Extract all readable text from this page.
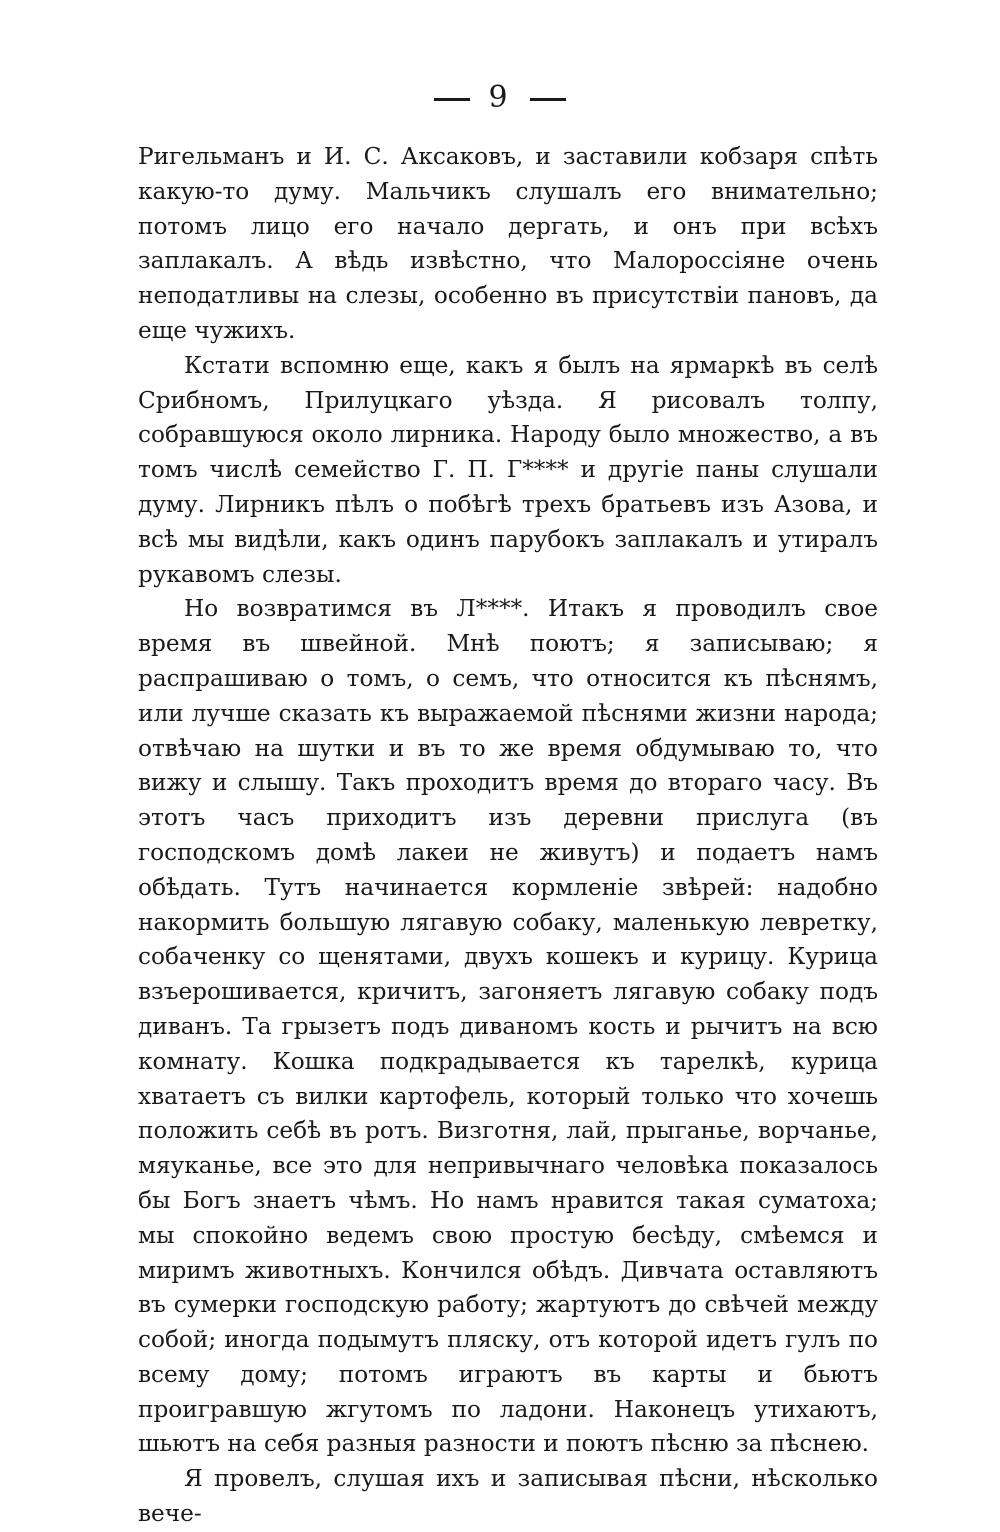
9

Ригельманъ и И. С. Аксаковъ, и заставили кобзаря спѣть какую-то думу. Мальчикъ слушалъ его внимательно; потомъ лицо его начало дергать, и онъ при всѣхъ заплакалъ. А вѣдь извѣстно, что Малороссіяне очень неподатливы на слезы, особенно въ присутствіи пановъ, да еще чужихъ.

Кстати вспомню еще, какъ я былъ на ярмаркѣ въ селѣ Срибномъ, Прилуцкаго уѣзда. Я рисовалъ толпу, собравшуюся около лирника. Народу было множество, а въ томъ числѣ семейство Г. П. Г**** и другіе паны слушали думу. Лирникъ пѣлъ о побѣгѣ трехъ братьевъ изъ Азова, и всѣ мы видѣли, какъ одинъ парубокъ заплакалъ и утиралъ рукавомъ слезы.

Но возвратимся въ Л****. Итакъ я проводилъ свое время въ швейной. Мнѣ поютъ; я записываю; я распрашиваю о томъ, о семъ, что относится къ пѣснямъ, или лучше сказать къ выражаемой пѣснями жизни народа; отвѣчаю на шутки и въ то же время обдумываю то, что вижу и слышу. Такъ проходитъ время до втораго часу. Въ этотъ часъ приходитъ изъ деревни прислуга (въ господскомъ домѣ лакеи не живутъ) и подаетъ намъ обѣдать. Тутъ начинается кормленіе звѣрей: надобно накормить большую лягавую собаку, маленькую левретку, собаченку со щенятами, двухъ кошекъ и курицу. Курица взъерошивается, кричитъ, загоняетъ лягавую собаку подъ диванъ. Та грызетъ подъ диваномъ кость и рычитъ на всю комнату. Кошка подкрадывается къ тарелкѣ, курица хватаетъ съ вилки картофель, который только что хочешь положить себѣ въ ротъ. Визготня, лай, прыганье, ворчанье, мяуканье, все это для непривычнаго человѣка показалось бы Богъ знаетъ чѣмъ. Но намъ нравится такая суматоха; мы спокойно ведемъ свою простую бесѣду, смѣемся и миримъ животныхъ. Кончился обѣдъ. Дивчата оставляютъ въ сумерки господскую работу; жартуютъ до свѣчей между собой; иногда подымутъ пляску, отъ которой идетъ гулъ по всему дому; потомъ играютъ въ карты и бьютъ проигравшую жгутомъ по ладони. Наконецъ утихаютъ, шьютъ на себя разныя разности и поютъ пѣсню за пѣснею.

Я провелъ, слушая ихъ и записывая пѣсни, нѣсколько вече-
